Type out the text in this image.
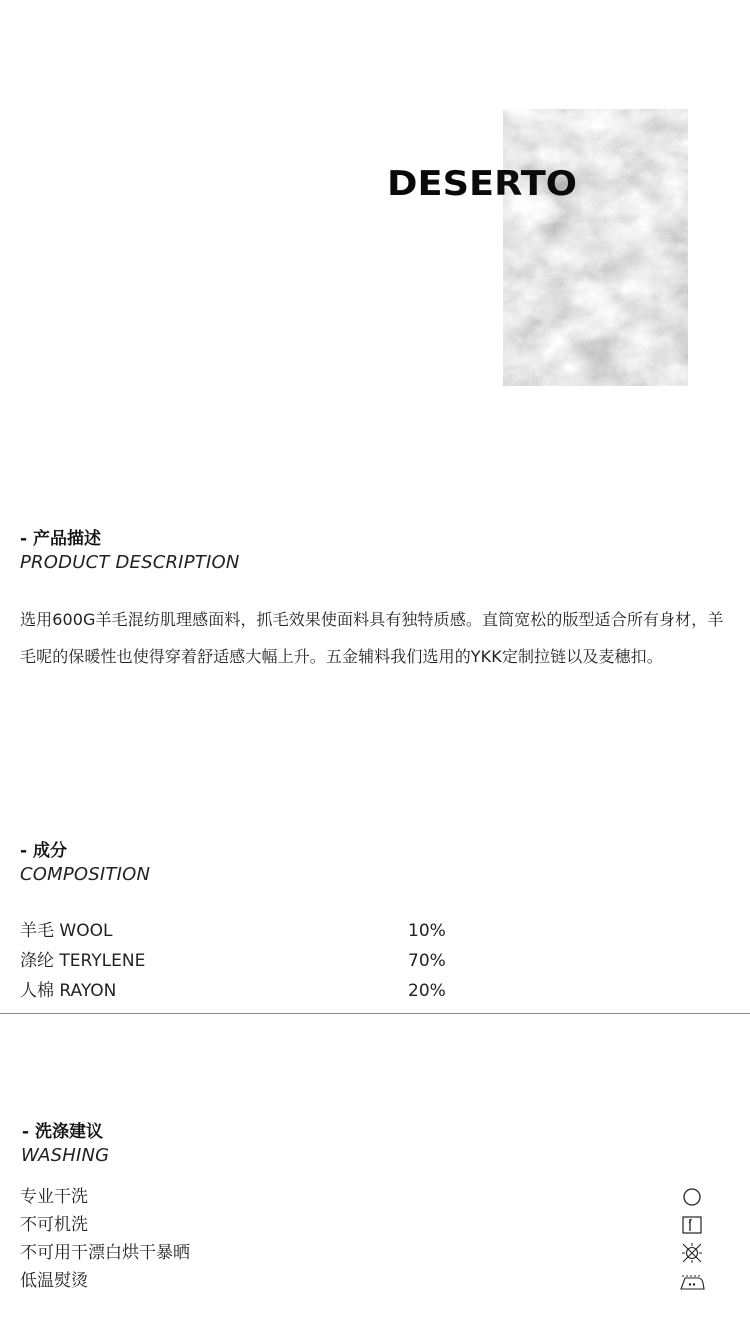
DESERTO
- 产品描述
PRODUCT DESCRIPTION
选用600G羊毛混纺肌理感面料，抓毛效果使面料具有独特质感。直筒宽松的版型适合所有身材，羊毛呢的保暖性也使得穿着舒适感大幅上升。五金辅料我们选用的YKK定制拉链以及麦穗扣。
- 成分
COMPOSITION
羊毛 WOOL	10%
涤纶 TERYLENE	70%
人棉 RAYON	20%
- 洗涤建议
WASHING
专业干洗
不可机洗
不可用干漂白烘干暴晒
低温熨烫
